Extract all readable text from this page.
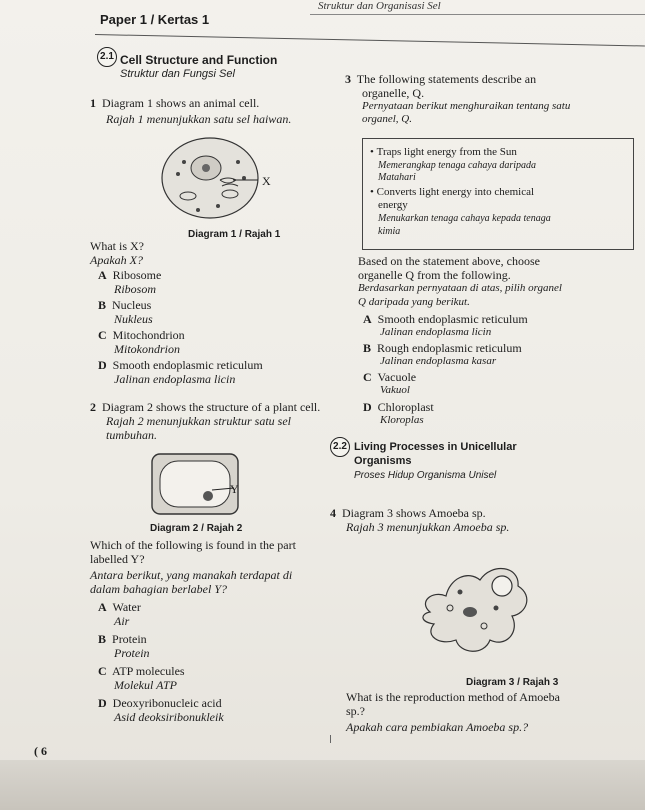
Struktur dan Organisasi Sel
Paper 1 / Kertas 1
2.1 Cell Structure and Function
Struktur dan Fungsi Sel
1 Diagram 1 shows an animal cell.
Rajah 1 menunjukkan satu sel haiwan.
X
Diagram 1 / Rajah 1
What is X?
Apakah X?
A Ribosome
Ribosom
B Nucleus
Nukleus
C Mitochondrion
Mitokondrion
D Smooth endoplasmic reticulum
Jalinan endoplasma licin
2 Diagram 2 shows the structure of a plant cell.
Rajah 2 menunjukkan struktur satu sel
tumbuhan.
Y
Diagram 2 / Rajah 2
Which of the following is found in the part
labelled Y?
Antara berikut, yang manakah terdapat di
dalam bahagian berlabel Y?
A Water
Air
B Protein
Protein
C ATP molecules
Molekul ATP
D Deoxyribonucleic acid
Asid deoksiribonukleik
3 The following statements describe an
organelle, Q.
Pernyataan berikut menghuraikan tentang satu
organel, Q.
• Traps light energy from the Sun
Memerangkap tenaga cahaya daripada
Matahari
• Converts light energy into chemical
energy
Menukarkan tenaga cahaya kepada tenaga
kimia
Based on the statement above, choose
organelle Q from the following.
Berdasarkan pernyataan di atas, pilih organel
Q daripada yang berikut.
A Smooth endoplasmic reticulum
Jalinan endoplasma licin
B Rough endoplasmic reticulum
Jalinan endoplasma kasar
C Vacuole
Vakuol
D Chloroplast
Kloroplas
2.2 Living Processes in Unicellular
Organisms
Proses Hidup Organisma Unisel
4 Diagram 3 shows Amoeba sp.
Rajah 3 menunjukkan Amoeba sp.
Diagram 3 / Rajah 3
What is the reproduction method of Amoeba
sp.?
Apakah cara pembiakan Amoeba sp.?
( 6
